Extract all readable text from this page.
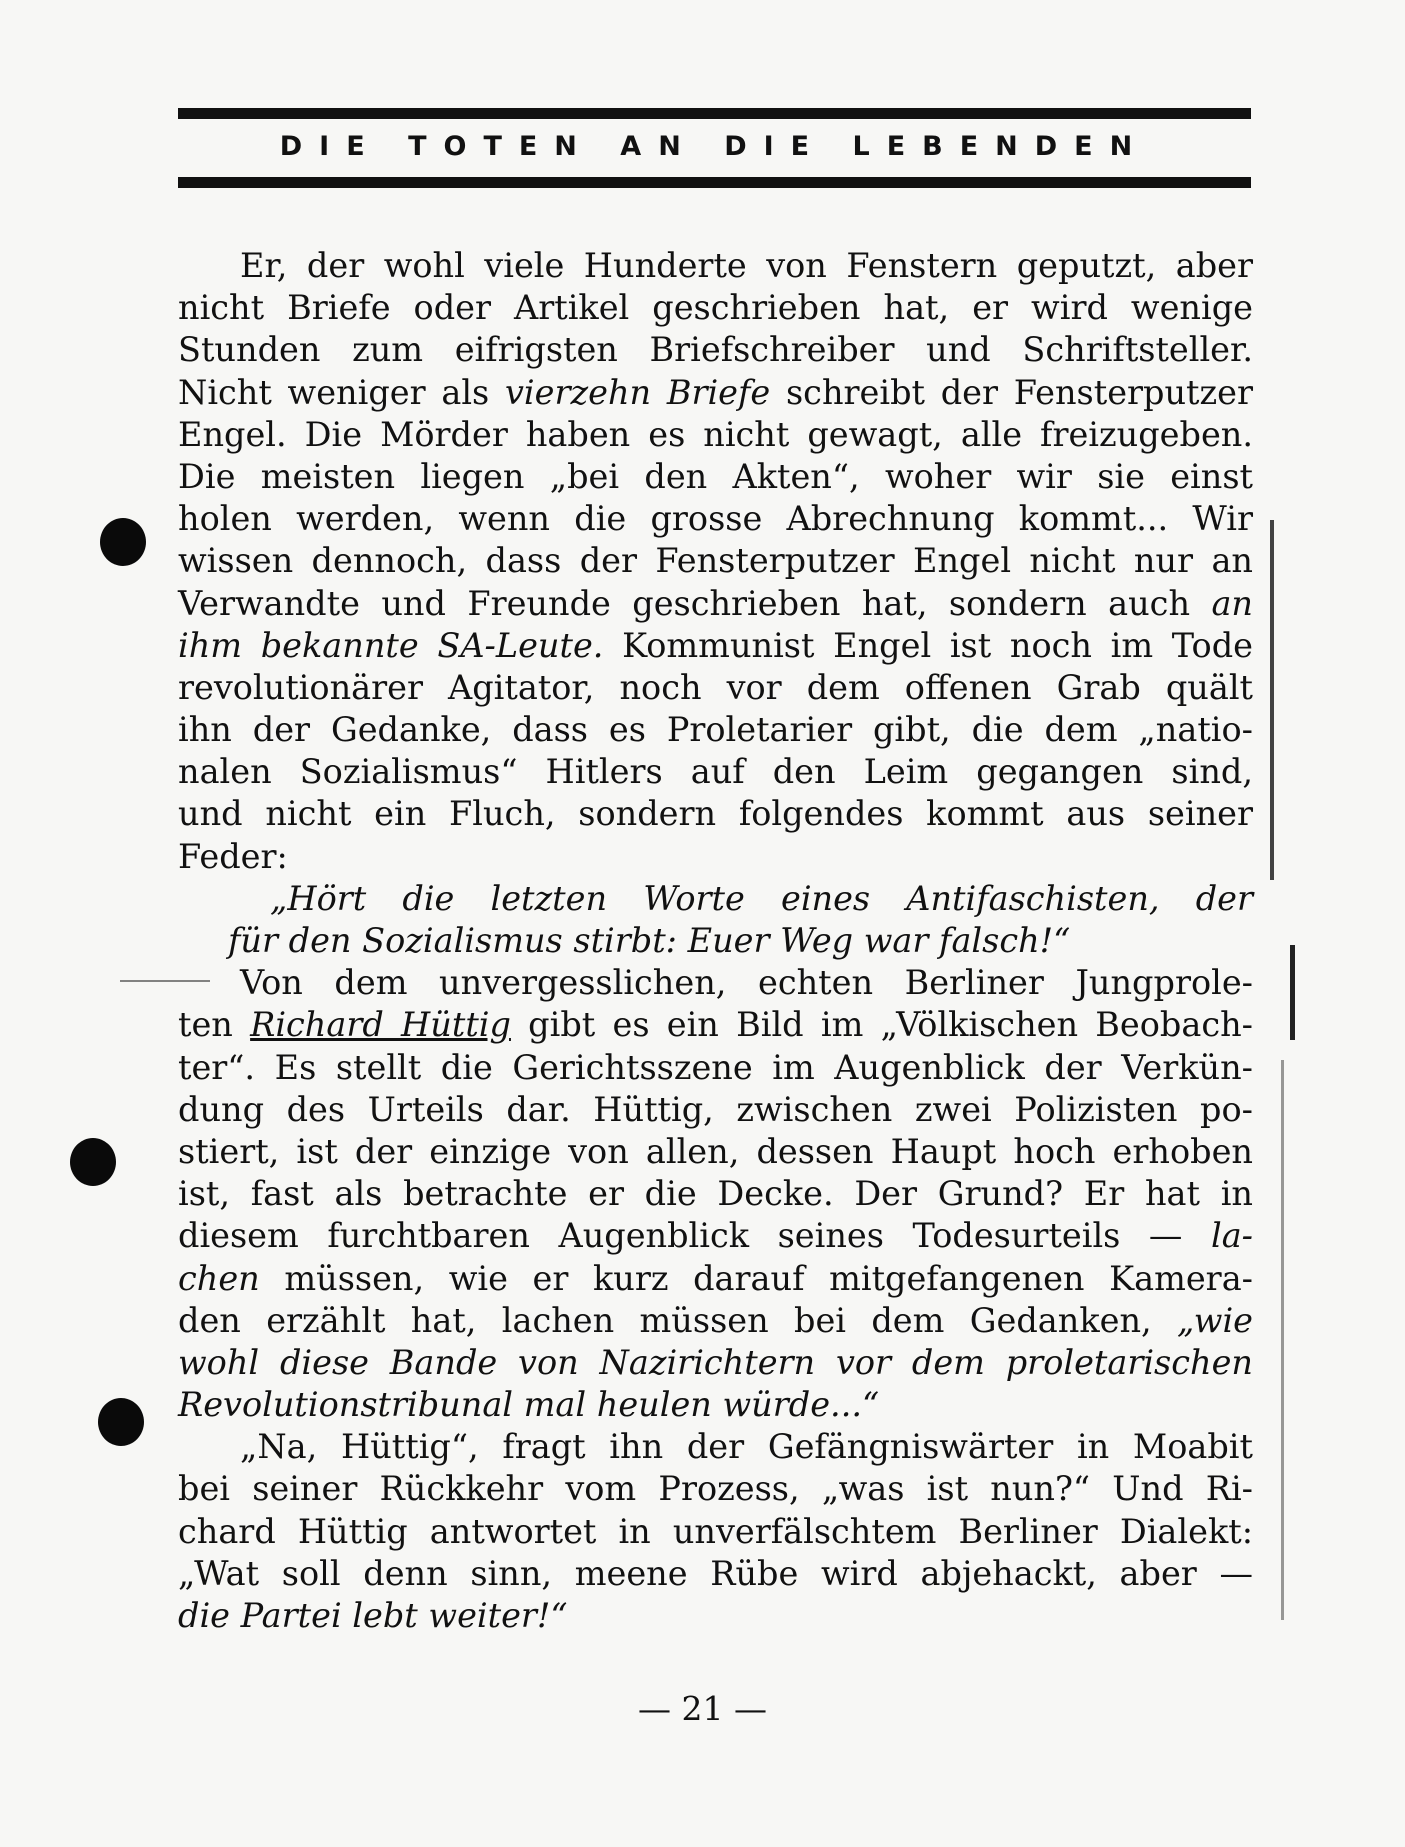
DIE TOTEN AN DIE LEBENDEN
Er, der wohl viele Hunderte von Fenstern geputzt, aber
nicht Briefe oder Artikel geschrieben hat, er wird wenige
Stunden zum eifrigsten Briefschreiber und Schriftsteller.
Nicht weniger als vierzehn Briefe schreibt der Fensterputzer
Engel. Die Mörder haben es nicht gewagt, alle freizugeben.
Die meisten liegen „bei den Akten“, woher wir sie einst
holen werden, wenn die grosse Abrechnung kommt... Wir
wissen dennoch, dass der Fensterputzer Engel nicht nur an
Verwandte und Freunde geschrieben hat, sondern auch an
ihm bekannte SA-Leute. Kommunist Engel ist noch im Tode
revolutionärer Agitator, noch vor dem offenen Grab quält
ihn der Gedanke, dass es Proletarier gibt, die dem „natio-
nalen Sozialismus“ Hitlers auf den Leim gegangen sind,
und nicht ein Fluch, sondern folgendes kommt aus seiner
Feder:
„Hört die letzten Worte eines Antifaschisten, der
für den Sozialismus stirbt: Euer Weg war falsch!“
Von dem unvergesslichen, echten Berliner Jungprole-
ten Richard Hüttig gibt es ein Bild im „Völkischen Beobach-
ter“. Es stellt die Gerichtsszene im Augenblick der Verkün-
dung des Urteils dar. Hüttig, zwischen zwei Polizisten po-
stiert, ist der einzige von allen, dessen Haupt hoch erhoben
ist, fast als betrachte er die Decke. Der Grund? Er hat in
diesem furchtbaren Augenblick seines Todesurteils — la-
chen müssen, wie er kurz darauf mitgefangenen Kamera-
den erzählt hat, lachen müssen bei dem Gedanken, „wie
wohl diese Bande von Nazirichtern vor dem proletarischen
Revolutionstribunal mal heulen würde...“
„Na, Hüttig“, fragt ihn der Gefängniswärter in Moabit
bei seiner Rückkehr vom Prozess, „was ist nun?“ Und Ri-
chard Hüttig antwortet in unverfälschtem Berliner Dialekt:
„Wat soll denn sinn, meene Rübe wird abjehackt, aber —
die Partei lebt weiter!“
— 21 —
